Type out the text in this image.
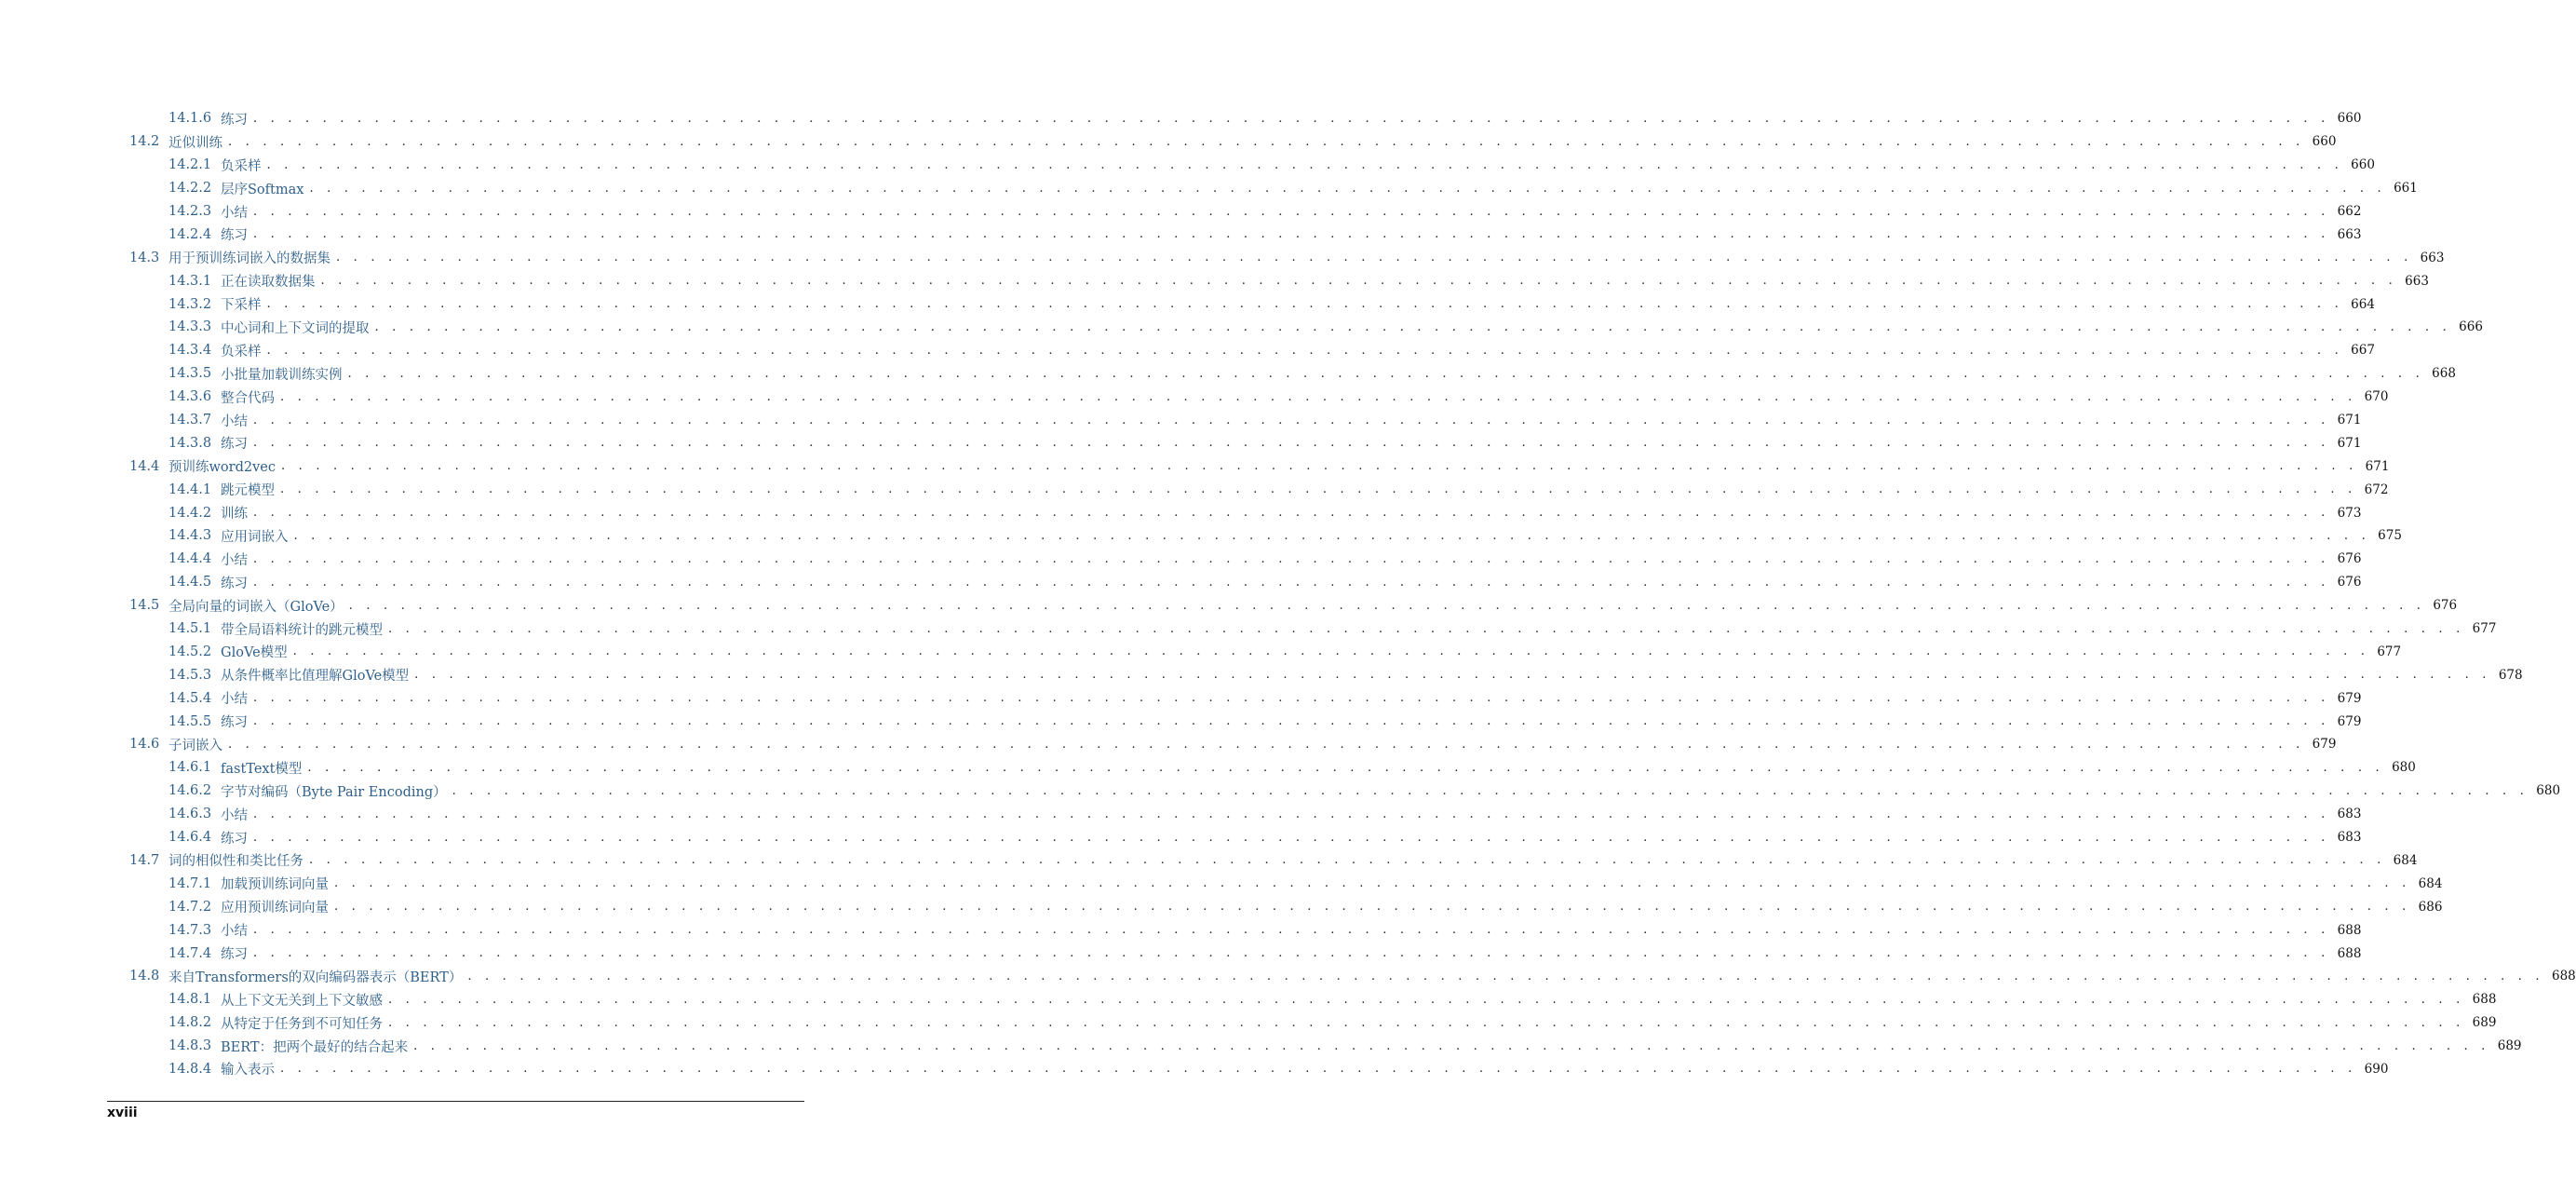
14.1.6 练习 . . . . . . . . . . . . . . . . . . . . . . . . . . . . . . . . . . . . . . . . . . . . . . . . . . . . . . . . . . . . . . . . . . . . . . . . . . . . . . . . . . . . . . . . . . . . . . . . . . . . . . . . . . . . . . . . . . . . . . . . 660
14.2 近似训练 . . . . . . . . . . . . . . . . . . . . . . . . . . . . . . . . . . . . . . . . . . . . . . . . . . . . . . . . . . . . . . . . . . . . . . . . . . . . . . . . . . . . . . . . . . . . . . . . . . . . . . . . . . . . . . . . . . . . . . . . 660
14.2.1 负采样 . . . . . . . . . . . . . . . . . . . . . . . . . . . . . . . . . . . . . . . . . . . . . . . . . . . . . . . . . . . . . . . . . . . . . . . . . . . . . . . . . . . . . . . . . . . . . . . . . . . . . . . . . . . . . . . . . . . . . . . . 660
14.2.2 层序Softmax . . . . . . . . . . . . . . . . . . . . . . . . . . . . . . . . . . . . . . . . . . . . . . . . . . . . . . . . . . . . . . . . . . . . . . . . . . . . . . . . . . . . . . . . . . . . . . . . . . . . . . . . . . . . . . . . . . . . . . . . 661
14.2.3 小结 . . . . . . . . . . . . . . . . . . . . . . . . . . . . . . . . . . . . . . . . . . . . . . . . . . . . . . . . . . . . . . . . . . . . . . . . . . . . . . . . . . . . . . . . . . . . . . . . . . . . . . . . . . . . . . . . . . . . . . . . 662
14.2.4 练习 . . . . . . . . . . . . . . . . . . . . . . . . . . . . . . . . . . . . . . . . . . . . . . . . . . . . . . . . . . . . . . . . . . . . . . . . . . . . . . . . . . . . . . . . . . . . . . . . . . . . . . . . . . . . . . . . . . . . . . . . 663
14.3 用于预训练词嵌入的数据集 . . . . . . . . . . . . . . . . . . . . . . . . . . . . . . . . . . . . . . . . . . . . . . . . . . . . . . . . . . . . . . . . . . . . . . . . . . . . . . . . . . . . . . . . . . . . . . . . . . . . . . . . . . . . . . . . . . . . . . . . 663
14.3.1 正在读取数据集 . . . . . . . . . . . . . . . . . . . . . . . . . . . . . . . . . . . . . . . . . . . . . . . . . . . . . . . . . . . . . . . . . . . . . . . . . . . . . . . . . . . . . . . . . . . . . . . . . . . . . . . . . . . . . . . . . . . . . . . . 663
14.3.2 下采样 . . . . . . . . . . . . . . . . . . . . . . . . . . . . . . . . . . . . . . . . . . . . . . . . . . . . . . . . . . . . . . . . . . . . . . . . . . . . . . . . . . . . . . . . . . . . . . . . . . . . . . . . . . . . . . . . . . . . . . . . 664
14.3.3 中心词和上下文词的提取 . . . . . . . . . . . . . . . . . . . . . . . . . . . . . . . . . . . . . . . . . . . . . . . . . . . . . . . . . . . . . . . . . . . . . . . . . . . . . . . . . . . . . . . . . . . . . . . . . . . . . . . . . . . . . . . . . . . . . . . . 666
14.3.4 负采样 . . . . . . . . . . . . . . . . . . . . . . . . . . . . . . . . . . . . . . . . . . . . . . . . . . . . . . . . . . . . . . . . . . . . . . . . . . . . . . . . . . . . . . . . . . . . . . . . . . . . . . . . . . . . . . . . . . . . . . . . 667
14.3.5 小批量加载训练实例 . . . . . . . . . . . . . . . . . . . . . . . . . . . . . . . . . . . . . . . . . . . . . . . . . . . . . . . . . . . . . . . . . . . . . . . . . . . . . . . . . . . . . . . . . . . . . . . . . . . . . . . . . . . . . . . . . . . . . . . . 668
14.3.6 整合代码 . . . . . . . . . . . . . . . . . . . . . . . . . . . . . . . . . . . . . . . . . . . . . . . . . . . . . . . . . . . . . . . . . . . . . . . . . . . . . . . . . . . . . . . . . . . . . . . . . . . . . . . . . . . . . . . . . . . . . . . . 670
14.3.7 小结 . . . . . . . . . . . . . . . . . . . . . . . . . . . . . . . . . . . . . . . . . . . . . . . . . . . . . . . . . . . . . . . . . . . . . . . . . . . . . . . . . . . . . . . . . . . . . . . . . . . . . . . . . . . . . . . . . . . . . . . . 671
14.3.8 练习 . . . . . . . . . . . . . . . . . . . . . . . . . . . . . . . . . . . . . . . . . . . . . . . . . . . . . . . . . . . . . . . . . . . . . . . . . . . . . . . . . . . . . . . . . . . . . . . . . . . . . . . . . . . . . . . . . . . . . . . . 671
14.4 预训练word2vec . . . . . . . . . . . . . . . . . . . . . . . . . . . . . . . . . . . . . . . . . . . . . . . . . . . . . . . . . . . . . . . . . . . . . . . . . . . . . . . . . . . . . . . . . . . . . . . . . . . . . . . . . . . . . . . . . . . . . . . . 671
14.4.1 跳元模型 . . . . . . . . . . . . . . . . . . . . . . . . . . . . . . . . . . . . . . . . . . . . . . . . . . . . . . . . . . . . . . . . . . . . . . . . . . . . . . . . . . . . . . . . . . . . . . . . . . . . . . . . . . . . . . . . . . . . . . . . 672
14.4.2 训练 . . . . . . . . . . . . . . . . . . . . . . . . . . . . . . . . . . . . . . . . . . . . . . . . . . . . . . . . . . . . . . . . . . . . . . . . . . . . . . . . . . . . . . . . . . . . . . . . . . . . . . . . . . . . . . . . . . . . . . . . 673
14.4.3 应用词嵌入 . . . . . . . . . . . . . . . . . . . . . . . . . . . . . . . . . . . . . . . . . . . . . . . . . . . . . . . . . . . . . . . . . . . . . . . . . . . . . . . . . . . . . . . . . . . . . . . . . . . . . . . . . . . . . . . . . . . . . . . . 675
14.4.4 小结 . . . . . . . . . . . . . . . . . . . . . . . . . . . . . . . . . . . . . . . . . . . . . . . . . . . . . . . . . . . . . . . . . . . . . . . . . . . . . . . . . . . . . . . . . . . . . . . . . . . . . . . . . . . . . . . . . . . . . . . . 676
14.4.5 练习 . . . . . . . . . . . . . . . . . . . . . . . . . . . . . . . . . . . . . . . . . . . . . . . . . . . . . . . . . . . . . . . . . . . . . . . . . . . . . . . . . . . . . . . . . . . . . . . . . . . . . . . . . . . . . . . . . . . . . . . . 676
14.5 全局向量的词嵌入（GloVe） . . . . . . . . . . . . . . . . . . . . . . . . . . . . . . . . . . . . . . . . . . . . . . . . . . . . . . . . . . . . . . . . . . . . . . . . . . . . . . . . . . . . . . . . . . . . . . . . . . . . . . . . . . . . . . . . . . . . . . . . 676
14.5.1 带全局语料统计的跳元模型 . . . . . . . . . . . . . . . . . . . . . . . . . . . . . . . . . . . . . . . . . . . . . . . . . . . . . . . . . . . . . . . . . . . . . . . . . . . . . . . . . . . . . . . . . . . . . . . . . . . . . . . . . . . . . . . . . . . . . . . . 677
14.5.2 GloVe模型 . . . . . . . . . . . . . . . . . . . . . . . . . . . . . . . . . . . . . . . . . . . . . . . . . . . . . . . . . . . . . . . . . . . . . . . . . . . . . . . . . . . . . . . . . . . . . . . . . . . . . . . . . . . . . . . . . . . . . . . . 677
14.5.3 从条件概率比值理解GloVe模型 . . . . . . . . . . . . . . . . . . . . . . . . . . . . . . . . . . . . . . . . . . . . . . . . . . . . . . . . . . . . . . . . . . . . . . . . . . . . . . . . . . . . . . . . . . . . . . . . . . . . . . . . . . . . . . . . . . . . . . . . 678
14.5.4 小结 . . . . . . . . . . . . . . . . . . . . . . . . . . . . . . . . . . . . . . . . . . . . . . . . . . . . . . . . . . . . . . . . . . . . . . . . . . . . . . . . . . . . . . . . . . . . . . . . . . . . . . . . . . . . . . . . . . . . . . . . 679
14.5.5 练习 . . . . . . . . . . . . . . . . . . . . . . . . . . . . . . . . . . . . . . . . . . . . . . . . . . . . . . . . . . . . . . . . . . . . . . . . . . . . . . . . . . . . . . . . . . . . . . . . . . . . . . . . . . . . . . . . . . . . . . . . 679
14.6 子词嵌入 . . . . . . . . . . . . . . . . . . . . . . . . . . . . . . . . . . . . . . . . . . . . . . . . . . . . . . . . . . . . . . . . . . . . . . . . . . . . . . . . . . . . . . . . . . . . . . . . . . . . . . . . . . . . . . . . . . . . . . . . 679
14.6.1 fastText模型 . . . . . . . . . . . . . . . . . . . . . . . . . . . . . . . . . . . . . . . . . . . . . . . . . . . . . . . . . . . . . . . . . . . . . . . . . . . . . . . . . . . . . . . . . . . . . . . . . . . . . . . . . . . . . . . . . . . . . . . . 680
14.6.2 字节对编码（Byte Pair Encoding） . . . . . . . . . . . . . . . . . . . . . . . . . . . . . . . . . . . . . . . . . . . . . . . . . . . . . . . . . . . . . . . . . . . . . . . . . . . . . . . . . . . . . . . . . . . . . . . . . . . . . . . . . . . . . . . . . . . . . . . . 680
14.6.3 小结 . . . . . . . . . . . . . . . . . . . . . . . . . . . . . . . . . . . . . . . . . . . . . . . . . . . . . . . . . . . . . . . . . . . . . . . . . . . . . . . . . . . . . . . . . . . . . . . . . . . . . . . . . . . . . . . . . . . . . . . . 683
14.6.4 练习 . . . . . . . . . . . . . . . . . . . . . . . . . . . . . . . . . . . . . . . . . . . . . . . . . . . . . . . . . . . . . . . . . . . . . . . . . . . . . . . . . . . . . . . . . . . . . . . . . . . . . . . . . . . . . . . . . . . . . . . . 683
14.7 词的相似性和类比任务 . . . . . . . . . . . . . . . . . . . . . . . . . . . . . . . . . . . . . . . . . . . . . . . . . . . . . . . . . . . . . . . . . . . . . . . . . . . . . . . . . . . . . . . . . . . . . . . . . . . . . . . . . . . . . . . . . . . . . . . . 684
14.7.1 加载预训练词向量 . . . . . . . . . . . . . . . . . . . . . . . . . . . . . . . . . . . . . . . . . . . . . . . . . . . . . . . . . . . . . . . . . . . . . . . . . . . . . . . . . . . . . . . . . . . . . . . . . . . . . . . . . . . . . . . . . . . . . . . . 684
14.7.2 应用预训练词向量 . . . . . . . . . . . . . . . . . . . . . . . . . . . . . . . . . . . . . . . . . . . . . . . . . . . . . . . . . . . . . . . . . . . . . . . . . . . . . . . . . . . . . . . . . . . . . . . . . . . . . . . . . . . . . . . . . . . . . . . . 686
14.7.3 小结 . . . . . . . . . . . . . . . . . . . . . . . . . . . . . . . . . . . . . . . . . . . . . . . . . . . . . . . . . . . . . . . . . . . . . . . . . . . . . . . . . . . . . . . . . . . . . . . . . . . . . . . . . . . . . . . . . . . . . . . . 688
14.7.4 练习 . . . . . . . . . . . . . . . . . . . . . . . . . . . . . . . . . . . . . . . . . . . . . . . . . . . . . . . . . . . . . . . . . . . . . . . . . . . . . . . . . . . . . . . . . . . . . . . . . . . . . . . . . . . . . . . . . . . . . . . . 688
14.8 来自Transformers的双向编码器表示（BERT） . . . . . . . . . . . . . . . . . . . . . . . . . . . . . . . . . . . . . . . . . . . . . . . . . . . . . . . . . . . . . . . . . . . . . . . . . . . . . . . . . . . . . . . . . . . . . . . . . . . . . . . . . . . . . . . . . . . . . . . . 688
14.8.1 从上下文无关到上下文敏感 . . . . . . . . . . . . . . . . . . . . . . . . . . . . . . . . . . . . . . . . . . . . . . . . . . . . . . . . . . . . . . . . . . . . . . . . . . . . . . . . . . . . . . . . . . . . . . . . . . . . . . . . . . . . . . . . . . . . . . . . 688
14.8.2 从特定于任务到不可知任务 . . . . . . . . . . . . . . . . . . . . . . . . . . . . . . . . . . . . . . . . . . . . . . . . . . . . . . . . . . . . . . . . . . . . . . . . . . . . . . . . . . . . . . . . . . . . . . . . . . . . . . . . . . . . . . . . . . . . . . . . 689
14.8.3 BERT：把两个最好的结合起来 . . . . . . . . . . . . . . . . . . . . . . . . . . . . . . . . . . . . . . . . . . . . . . . . . . . . . . . . . . . . . . . . . . . . . . . . . . . . . . . . . . . . . . . . . . . . . . . . . . . . . . . . . . . . . . . . . . . . . . . . 689
14.8.4 输入表示 . . . . . . . . . . . . . . . . . . . . . . . . . . . . . . . . . . . . . . . . . . . . . . . . . . . . . . . . . . . . . . . . . . . . . . . . . . . . . . . . . . . . . . . . . . . . . . . . . . . . . . . . . . . . . . . . . . . . . . . . 690
xviii
